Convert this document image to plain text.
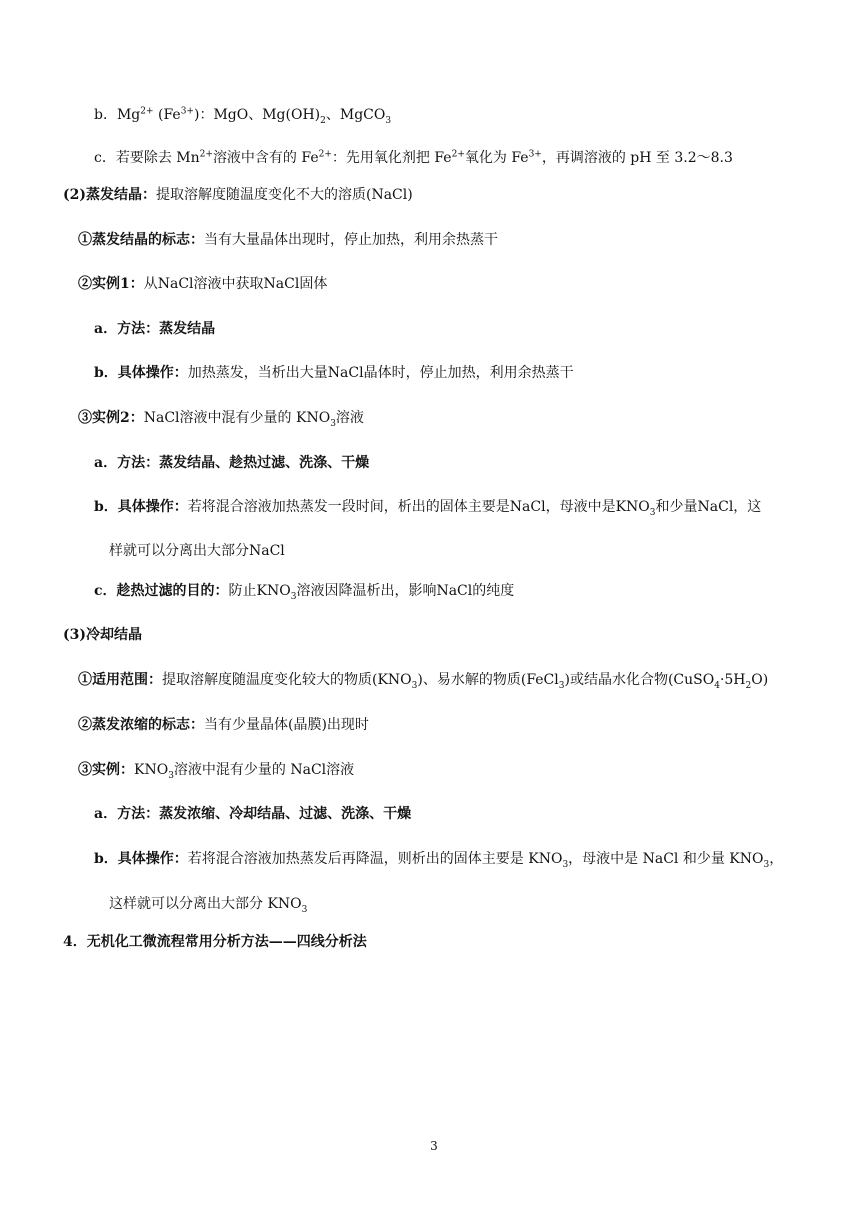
b．$Mg^{2+}$ $(Fe^{3+})$：MgO、$Mg(OH)_2$、MgCO$_3$
c．若要除去 $Mn^{2+}$溶液中含有的 $Fe^{2+}$：先用氧化剂把 $Fe^{2+}$氧化为 $Fe^{3+}$，再调溶液的 pH 至 3.2～8.3
(2)蒸发结晶：提取溶解度随温度变化不大的溶质(NaCl)
①蒸发结晶的标志：当有大量晶体出现时，停止加热，利用余热蒸干
②实例1：从NaCl溶液中获取NaCl固体
a．方法：蒸发结晶
b．具体操作：加热蒸发，当析出大量NaCl晶体时，停止加热，利用余热蒸干
③实例2：NaCl溶液中混有少量的 $KNO_3$溶液
a．方法：蒸发结晶、趁热过滤、洗涤、干燥
b．具体操作：若将混合溶液加热蒸发一段时间，析出的固体主要是NaCl，母液中是$KNO_3$和少量NaCl，这
样就可以分离出大部分NaCl
c．趁热过滤的目的：防止$KNO_3$溶液因降温析出，影响NaCl的纯度
(3)冷却结晶
①适用范围：提取溶解度随温度变化较大的物质$(KNO_3)$、易水解的物质(FeCl$_3$)或结晶水化合物$(CuSO_4\cdot 5H_2O)$
②蒸发浓缩的标志：当有少量晶体(晶膜)出现时
③实例：$KNO_3$溶液中混有少量的 NaCl溶液
a．方法：蒸发浓缩、冷却结晶、过滤、洗涤、干燥
b．具体操作：若将混合溶液加热蒸发后再降温，则析出的固体主要是 $KNO_3$，母液中是 NaCl 和少量 $KNO_3$，
这样就可以分离出大部分 $KNO_3$
4．无机化工微流程常用分析方法——四线分析法
3
